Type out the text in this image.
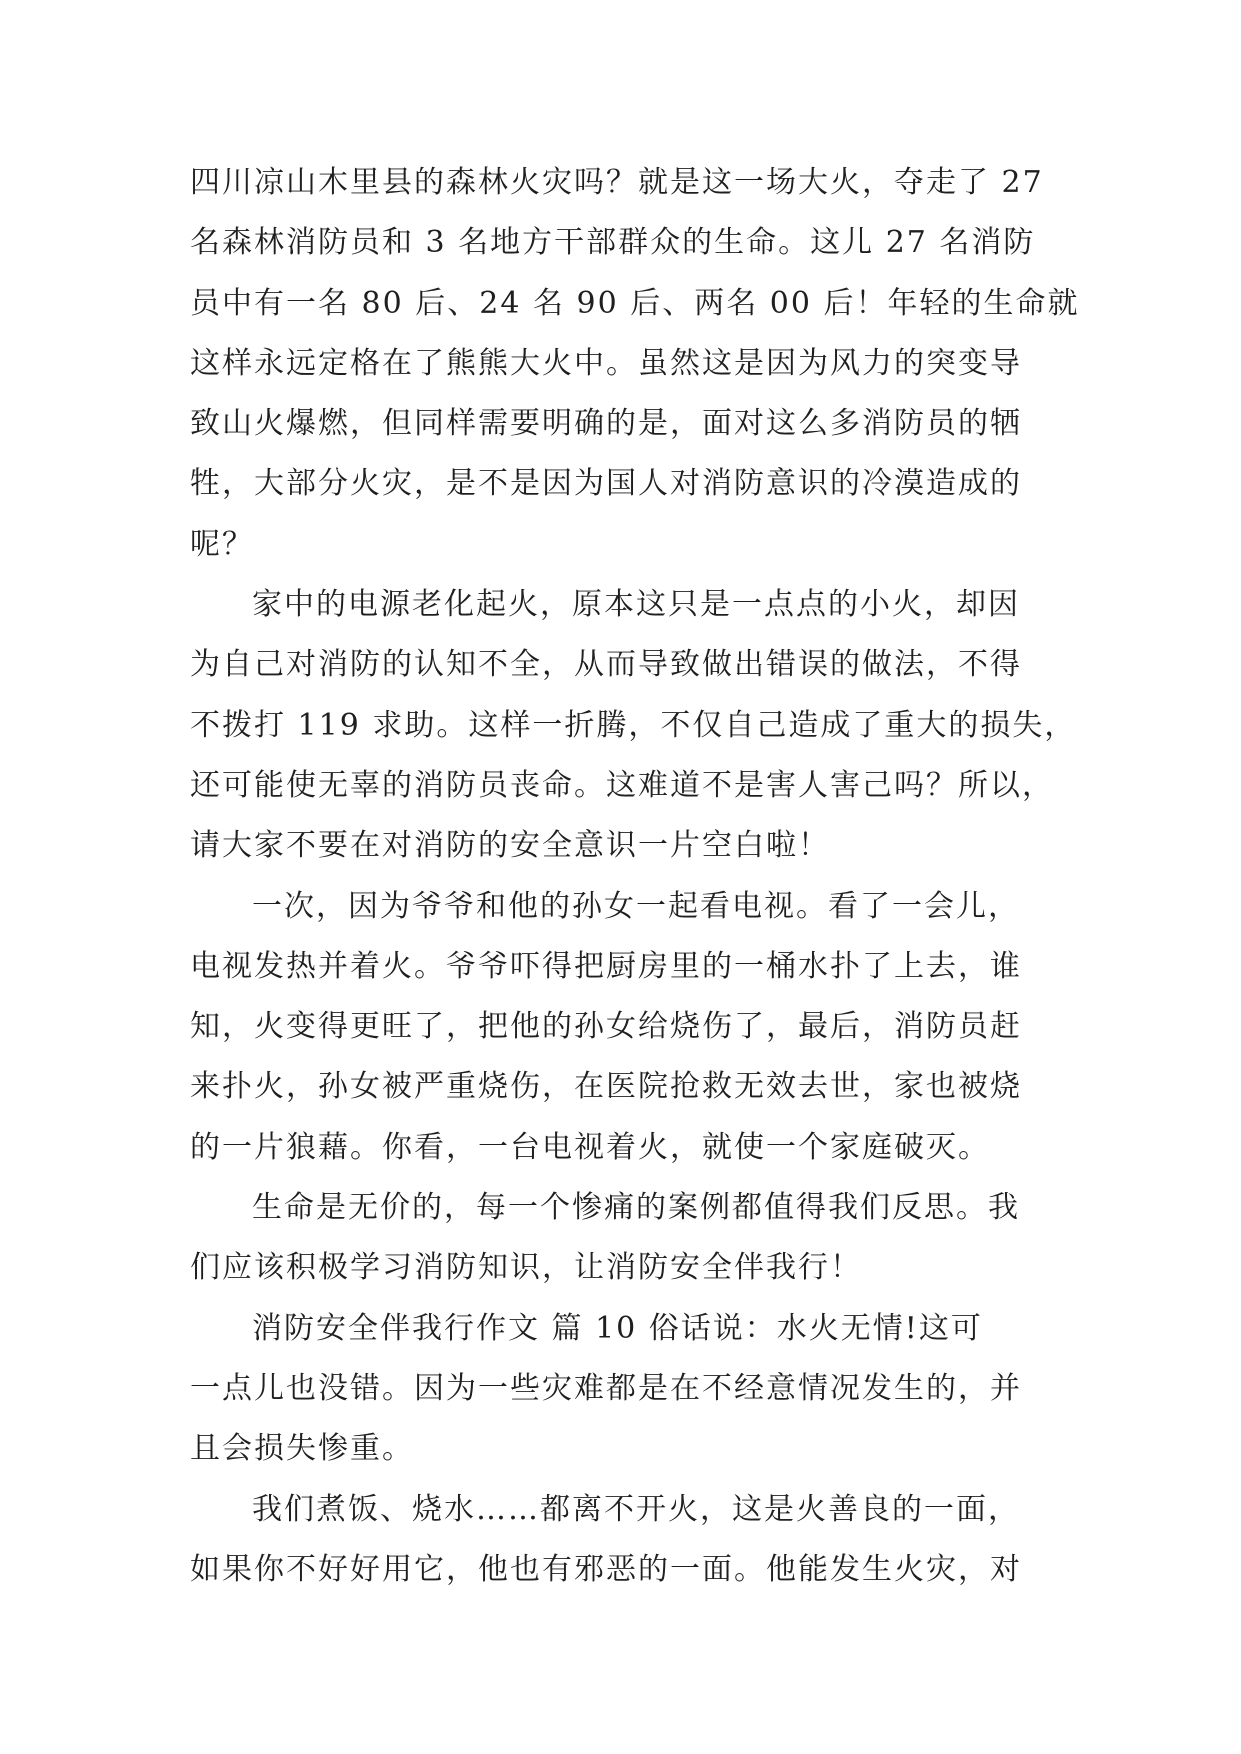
四川凉山木里县的森林火灾吗？就是这一场大火，夺走了 27
名森林消防员和 3 名地方干部群众的生命。这儿 27 名消防
员中有一名 80 后、24 名 90 后、两名 00 后！年轻的生命就
这样永远定格在了熊熊大火中。虽然这是因为风力的突变导
致山火爆燃，但同样需要明确的是，面对这么多消防员的牺
牲，大部分火灾，是不是因为国人对消防意识的冷漠造成的
呢？
家中的电源老化起火，原本这只是一点点的小火，却因
为自己对消防的认知不全，从而导致做出错误的做法，不得
不拨打 119 求助。这样一折腾，不仅自己造成了重大的损失，
还可能使无辜的消防员丧命。这难道不是害人害己吗？所以，
请大家不要在对消防的安全意识一片空白啦！
一次，因为爷爷和他的孙女一起看电视。看了一会儿，
电视发热并着火。爷爷吓得把厨房里的一桶水扑了上去，谁
知，火变得更旺了，把他的孙女给烧伤了，最后，消防员赶
来扑火，孙女被严重烧伤，在医院抢救无效去世，家也被烧
的一片狼藉。你看，一台电视着火，就使一个家庭破灭。
生命是无价的，每一个惨痛的案例都值得我们反思。我
们应该积极学习消防知识，让消防安全伴我行！
消防安全伴我行作文 篇 10 俗话说：水火无情!这可
一点儿也没错。因为一些灾难都是在不经意情况发生的，并
且会损失惨重。
我们煮饭、烧水……都离不开火，这是火善良的一面，
如果你不好好用它，他也有邪恶的一面。他能发生火灾，对
